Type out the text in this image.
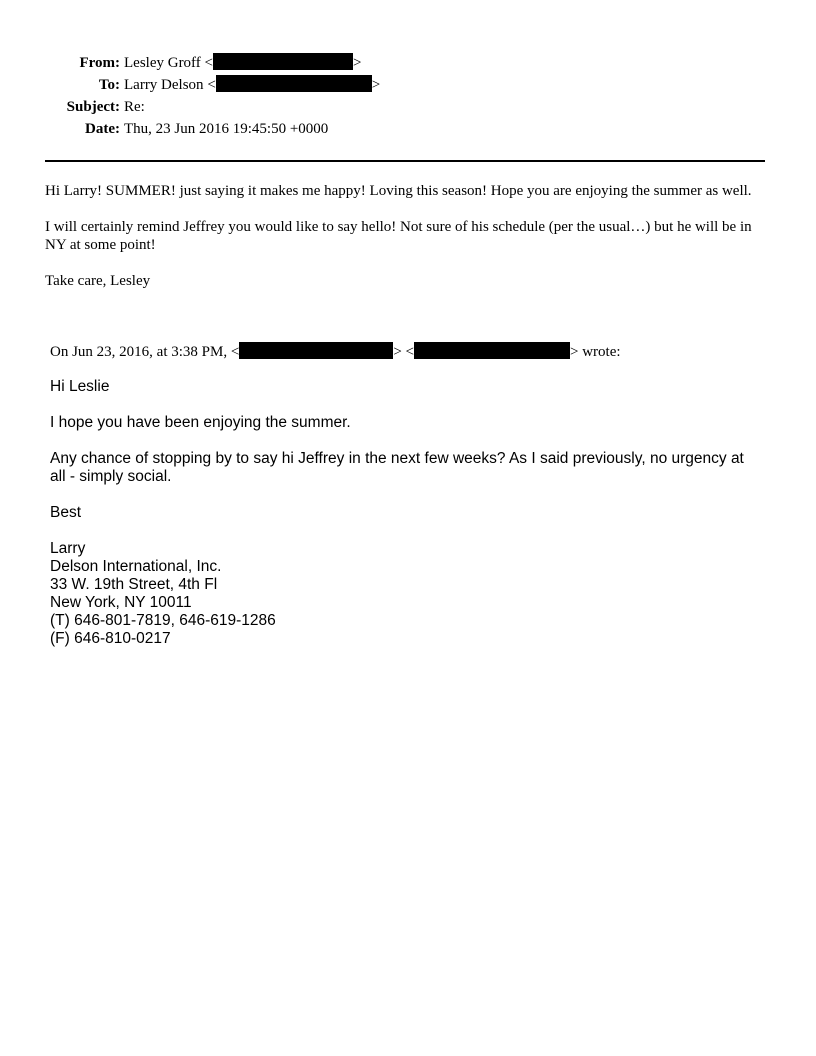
From: Lesley Groff <	>
To: Larry Delson <	>
Subject: Re:
Date: Thu, 23 Jun 2016 19:45:50 +0000

Hi Larry! SUMMER! just saying it makes me happy! Loving this season! Hope you are enjoying the summer as well.

I will certainly remind Jeffrey you would like to say hello! Not sure of his schedule (per the usual…) but he will be in NY at some point!

Take care, Lesley

On Jun 23, 2016, at 3:38 PM, <	> <	> wrote:

Hi Leslie

I hope you have been enjoying the summer.

Any chance of stopping by to say hi Jeffrey in the next few weeks? As I said previously, no urgency at all - simply social.

Best

Larry
Delson International, Inc.
33 W. 19th Street, 4th Fl
New York, NY 10011
(T) 646-801-7819, 646-619-1286
(F) 646-810-0217
